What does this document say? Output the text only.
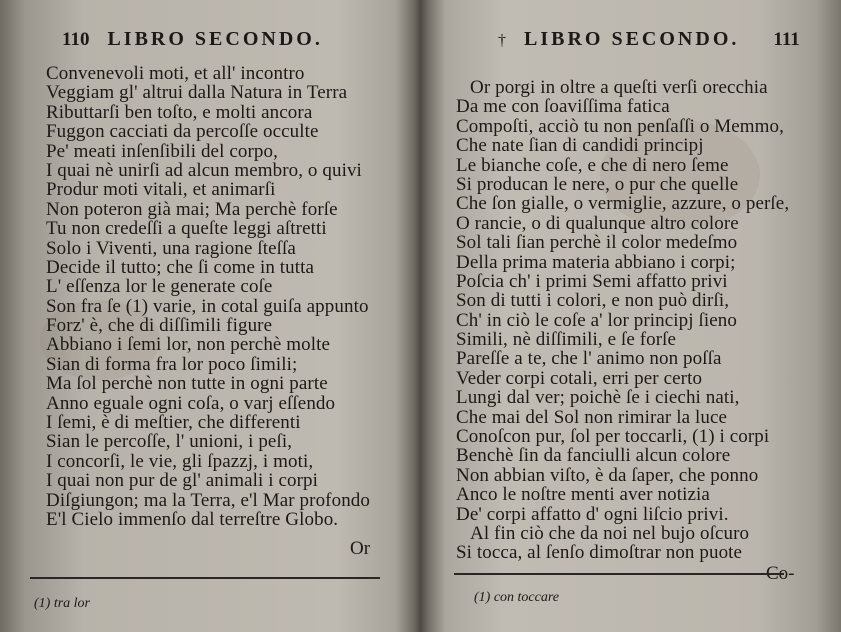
110 LIBRO SECONDO.
Convenevoli moti, et all' incontro
Veggiam gl' altrui dalla Natura in Terra
Ributtarſi ben toſto, e molti ancora
Fuggon cacciati da percoſſe occulte
Pe' meati inſenſibili del corpo,
I quai nè unirſi ad alcun membro, o quivi
Produr moti vitali, et animarſi
Non poteron già mai; Ma perchè forſe
Tu non credeſſi a queſte leggi aſtretti
Solo i Viventi, una ragione ſteſſa
Decide il tutto; che ſi come in tutta
L' eſſenza lor le generate coſe
Son fra ſe (1) varie, in cotal guiſa appunto
Forz' è, che di diſſimili figure
Abbiano i ſemi lor, non perchè molte
Sian di forma fra lor poco ſimili;
Ma ſol perchè non tutte in ogni parte
Anno eguale ogni coſa, o varj eſſendo
I ſemi, è di meſtier, che differenti
Sian le percoſſe, l' unioni, i peſi,
I concorſi, le vie, gli ſpazzj, i moti,
I quai non pur de gl' animali i corpi
Diſgiungon; ma la Terra, e'l Mar profondo
E'l Cielo immenſo dal terreſtre Globo.
Or
(1) tra lor
† LIBRO SECONDO. 111
Or porgi in oltre a queſti verſi orecchia
Da me con ſoaviſſima fatica
Compoſti, acciò tu non penſaſſi o Memmo,
Che nate ſian di candidi principj
Le bianche coſe, e che di nero ſeme
Si producan le nere, o pur che quelle
Che ſon gialle, o vermiglie, azzure, o perſe,
O rancie, o di qualunque altro colore
Sol tali ſian perchè il color medeſmo
Della prima materia abbiano i corpi;
Poſcia ch' i primi Semi affatto privi
Son di tutti i colori, e non può dirſi,
Ch' in ciò le coſe a' lor principj ſieno
Simili, nè diſſimili, e ſe forſe
Pareſſe a te, che l' animo non poſſa
Veder corpi cotali, erri per certo
Lungi dal ver; poichè ſe i ciechi nati,
Che mai del Sol non rimirar la luce
Conoſcon pur, ſol per toccarli, (1) i corpi
Benchè ſin da fanciulli alcun colore
Non abbian viſto, è da ſaper, che ponno
Anco le noſtre menti aver notizia
De' corpi affatto d' ogni liſcio privi.
Al fin ciò che da noi nel bujo oſcuro
Si tocca, al ſenſo dimoſtrar non puote
Co-
(1) con toccare
